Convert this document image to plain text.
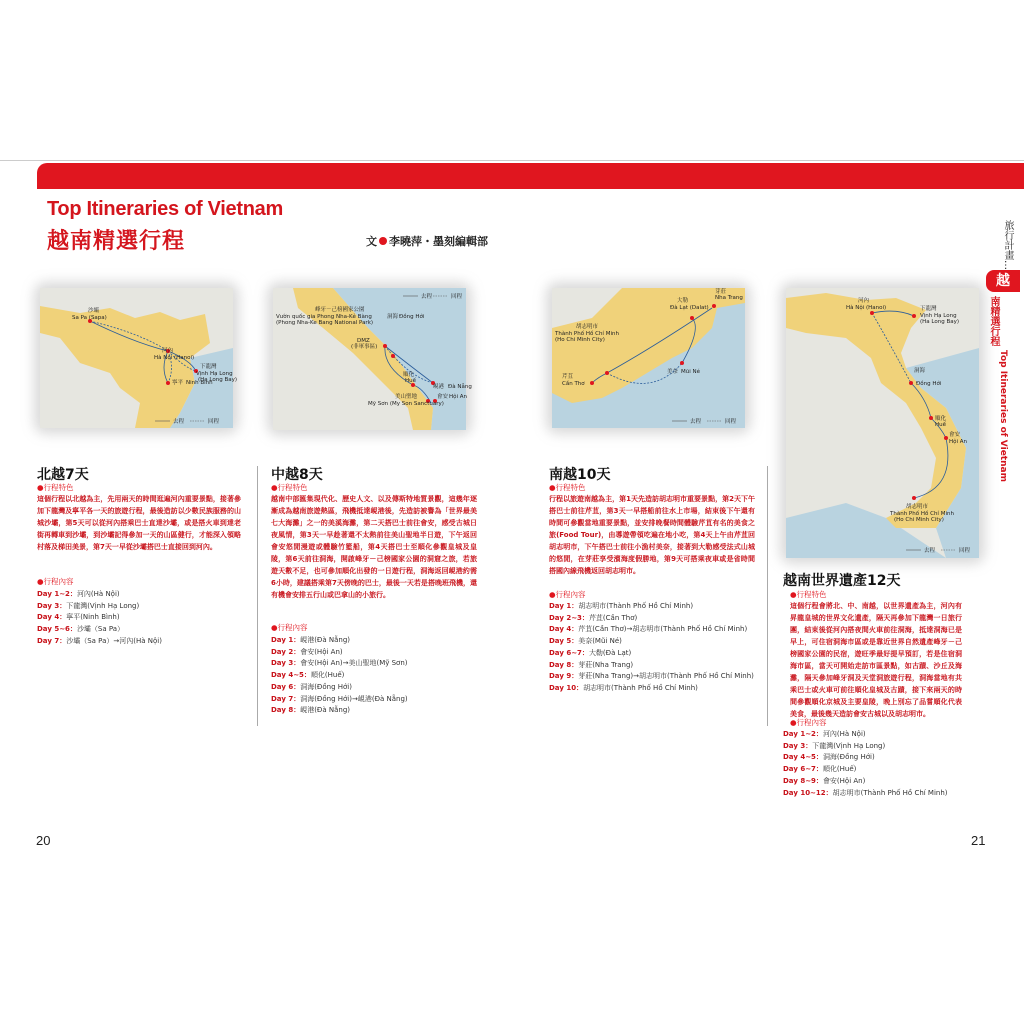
Top Itineraries of Vietnam
越南精選行程	文 李曉萍・墨刻編輯部
沙壩
Sa Pa (Sapa)
河內
Hà Nội (Hanoi)
下龍灣
Vịnh Hạ Long
(Ha Long Bay)
寧平 Ninh Bình
去程	回程
去程	回程
峰牙－己榜國家公園
Vườn quốc gia Phong Nha-Kẻ Bàng
(Phong Nha-Ke Bang National Park)
洞海 Đồng Hới
DMZ
(非軍事區)
順化
Huế
峴港 Đà Nẵng
美山聖地
Mỹ Sơn (My Son Sanctuary)
會安 Hội An
大勒
Đà Lạt (Dalat)
芽莊
Nha Trang
胡志明市
Thành Phố Hồ Chí Minh
(Ho Chi Minh City)
美奈 Mũi Né
芹苴
Cần Thơ
去程	回程
河內
Hà Nội (Hanoi)	下龍灣
Vịnh Hạ Long
(Ha Long Bay)
洞海
Đồng Hới
順化
Huế
會安
Hội An
胡志明市
Thành Phố Hồ Chí Minh
(Ho Chi Minh City)
去程	回程
北越7天
●行程特色
這個行程以北越為主，先用兩天的時間逛遍河內重要景點，接著參加下龍灣及寧平各一天的旅遊行程，最後造訪以少數民族服務的山城沙壩，第5天可以從河內搭乘巴士直達沙壩，或是搭火車到達老街再轉車到沙壩，到沙壩記得參加一天的山區健行，才能深入領略村落及梯田美景，第7天一早從沙壩搭巴士直接回到河內。
●行程內容
Day 1~2：河內(Hà Nội)
Day 3：下龍灣(Vịnh Hạ Long)
Day 4：寧平(Ninh Bình)
Day 5~6：沙壩（Sa Pa）
Day 7：沙壩（Sa Pa）→河內(Hà Nội)
中越8天
●行程特色
越南中部匯集現代化、歷史人文、以及傳斯特地質景觀，這幾年逐漸成為越南旅遊熱區，飛機抵達峴港後，先造訪被譽為「世界最美七大海灘」之一的美溪海灘，第二天搭巴士前往會安，感受古城日夜風情，第3天一早趁著還不太熱前往美山聖地半日遊，下午返回會安悠閒漫遊或體驗竹籃船，第4天搭巴士至順化參觀皇城及皇陵，第6天前往洞海，開啟峰牙－己榜國家公園的洞窟之旅，若旅遊天數不足，也可參加順化出發的一日遊行程，洞海返回峴港約需6小時，建議搭乘第7天傍晚的巴士，最後一天若是搭晚班飛機，還有機會安排五行山或巴拿山的小旅行。
●行程內容
Day 1：峴港(Đà Nẵng)
Day 2：會安(Hội An)
Day 3：會安(Hội An)→美山聖地(Mỹ Sơn)
Day 4~5：順化(Huế)
Day 6：洞海(Đồng Hới)
Day 7：洞海(Đồng Hới)→峴港(Đà Nẵng)
Day 8：峴港(Đà Nẵng)
南越10天
●行程特色
行程以旅遊南越為主，第1天先造訪胡志明市重要景點，第2天下午搭巴士前往芹苴，第3天一早搭船前往水上市場，結束後下午還有時間可參觀當地重要景點，並安排晚餐時間體驗芹苴有名的美食之旅(Food Tour)，由導遊帶領吃遍在地小吃，第4天上午由芹苴回胡志明市，下午搭巴士前往小漁村美奈，接著到大勒感受法式山城的悠閒，在芽莊享受濱海度假勝地，第9天可搭乘夜車或是省時間搭國內線飛機返回胡志明市。
●行程內容
Day 1：胡志明市(Thành Phố Hồ Chí Minh)
Day 2~3：芹苴(Cần Thơ)
Day 4：芹苴(Cần Thơ)→胡志明市(Thành Phố Hồ Chí Minh)
Day 5：美奈(Mũi Né)
Day 6~7：大勒(Đà Lạt)
Day 8：芽莊(Nha Trang)
Day 9：芽莊(Nha Trang)→胡志明市(Thành Phố Hồ Chí Minh)
Day 10：胡志明市(Thành Phố Hồ Chí Minh)
越南世界遺產12天
●行程特色
這個行程會將北、中、南越，以世界遺產為主，河內有昇龍皇城的世界文化遺產，隔天再參加下龍灣一日旅行團，結束後從河內搭夜間火車前往洞海，抵達洞海已是早上，可住宿洞海市區或是靠近世界自然遺產峰牙－己榜國家公園的民宿，遊旺季最好提早預訂，若是住宿洞海市區，當天可開始走訪市區景點，如古蹟、沙丘及海灘，隔天參加峰牙洞及天堂洞旅遊行程，洞海當地有共乘巴士或火車可前往順化皇城及古蹟，接下來兩天的時間參觀順化京城及主要皇陵，晚上別忘了品嘗順化代表美食，最後幾天造訪會安古城以及胡志明市。
●行程內容
Day 1~2：河內(Hà Nội)
Day 3：下龍灣(Vịnh Hạ Long)
Day 4~5：洞海(Đồng Hới)
Day 6~7：順化(Huế)
Day 8~9：會安(Hội An)
Day 10~12：胡志明市(Thành Phố Hồ Chí Minh)
旅行計畫…
越
南精選行程
Top Itineraries of Vietnam
20	21
